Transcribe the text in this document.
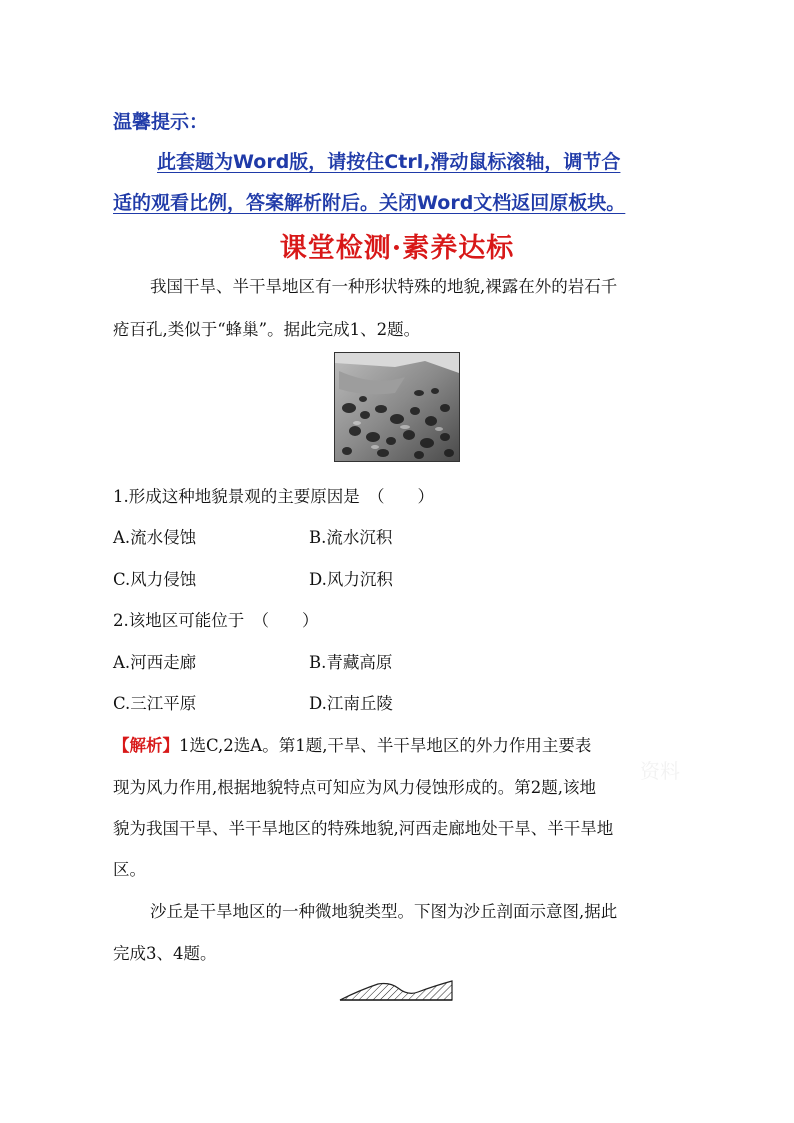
温馨提示：
此套题为Word版，请按住Ctrl,滑动鼠标滚轴，调节合
适的观看比例，答案解析附后。关闭Word文档返回原板块。
课堂检测·素养达标
我国干旱、半干旱地区有一种形状特殊的地貌,裸露在外的岩石千
疮百孔,类似于“蜂巢”。据此完成1、2题。
1.形成这种地貌景观的主要原因是　（　　）
A.流水侵蚀	B.流水沉积
C.风力侵蚀	D.风力沉积
2.该地区可能位于　（　　）
A.河西走廊	B.青藏高原
C.三江平原	D.江南丘陵
资料
【解析】1选C,2选A。第1题,干旱、半干旱地区的外力作用主要表
现为风力作用,根据地貌特点可知应为风力侵蚀形成的。第2题,该地
貌为我国干旱、半干旱地区的特殊地貌,河西走廊地处干旱、半干旱地
区。
沙丘是干旱地区的一种微地貌类型。下图为沙丘剖面示意图,据此
完成3、4题。
